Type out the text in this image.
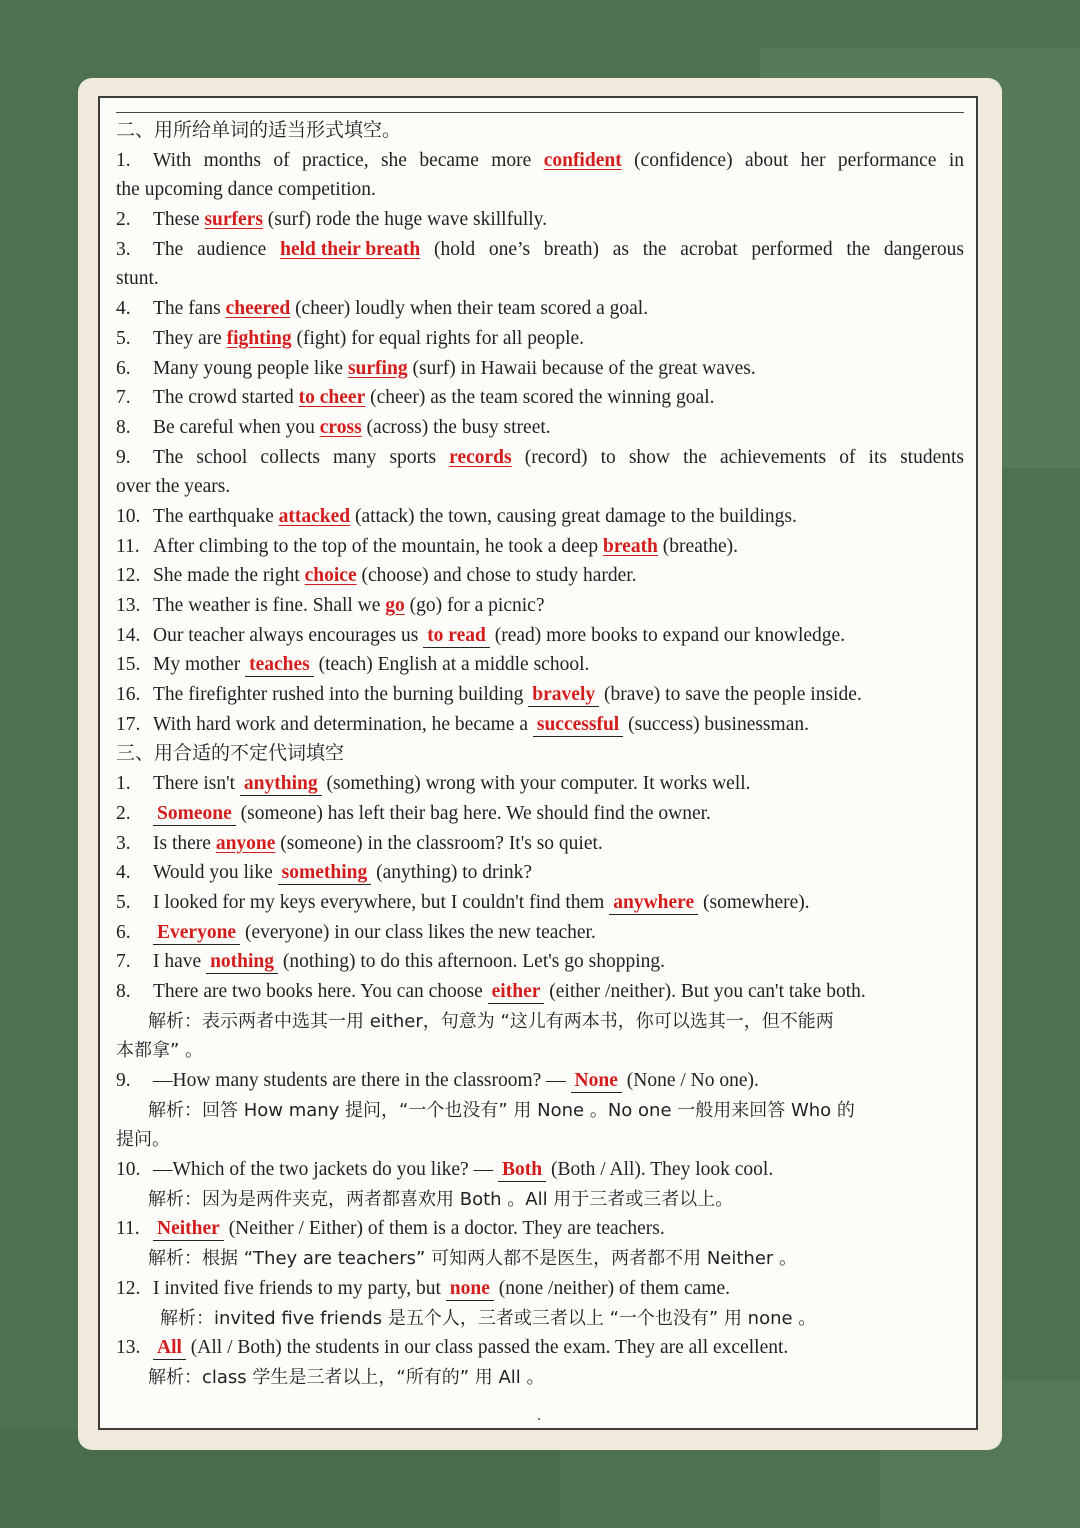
二、用所给单词的适当形式填空。
1. With months of practice, she became more confident (confidence) about her performance in
the upcoming dance competition.
2. These surfers (surf) rode the huge wave skillfully.
3. The audience held their breath (hold one’s breath) as the acrobat performed the dangerous
stunt.
4. The fans cheered (cheer) loudly when their team scored a goal.
5. They are fighting (fight) for equal rights for all people.
6. Many young people like surfing (surf) in Hawaii because of the great waves.
7. The crowd started to cheer (cheer) as the team scored the winning goal.
8. Be careful when you cross (across) the busy street.
9. The school collects many sports records (record) to show the achievements of its students
over the years.
10. The earthquake attacked (attack) the town, causing great damage to the buildings.
11. After climbing to the top of the mountain, he took a deep breath (breathe).
12. She made the right choice (choose) and chose to study harder.
13. The weather is fine. Shall we go (go) for a picnic?
14. Our teacher always encourages us to read (read) more books to expand our knowledge.
15. My mother teaches (teach) English at a middle school.
16. The firefighter rushed into the burning building bravely (brave) to save the people inside.
17. With hard work and determination, he became a successful (success) businessman.
三、用合适的不定代词填空
1. There isn't anything (something) wrong with your computer. It works well.
2. Someone (someone) has left their bag here. We should find the owner.
3. Is there anyone (someone) in the classroom? It's so quiet.
4. Would you like something (anything) to drink?
5. I looked for my keys everywhere, but I couldn't find them anywhere (somewhere).
6. Everyone (everyone) in our class likes the new teacher.
7. I have nothing (nothing) to do this afternoon. Let's go shopping.
8. There are two books here. You can choose either (either /neither). But you can't take both.
解析：表示两者中选其一用 either，句意为 “这儿有两本书，你可以选其一，但不能两
本都拿” 。
9. —How many students are there in the classroom? — None (None / No one).
解析：回答 How many 提问，“一个也没有” 用 None 。No one 一般用来回答 Who 的
提问。
10. —Which of the two jackets do you like? — Both (Both / All). They look cool.
解析：因为是两件夹克，两者都喜欢用 Both 。All 用于三者或三者以上。
11. Neither (Neither / Either) of them is a doctor. They are teachers.
解析：根据 “They are teachers” 可知两人都不是医生，两者都不用 Neither 。
12. I invited five friends to my party, but none (none /neither) of them came.
解析：invited five friends 是五个人，三者或三者以上 “一个也没有” 用 none 。
13. All (All / Both) the students in our class passed the exam. They are all excellent.
解析：class 学生是三者以上，“所有的” 用 All 。
